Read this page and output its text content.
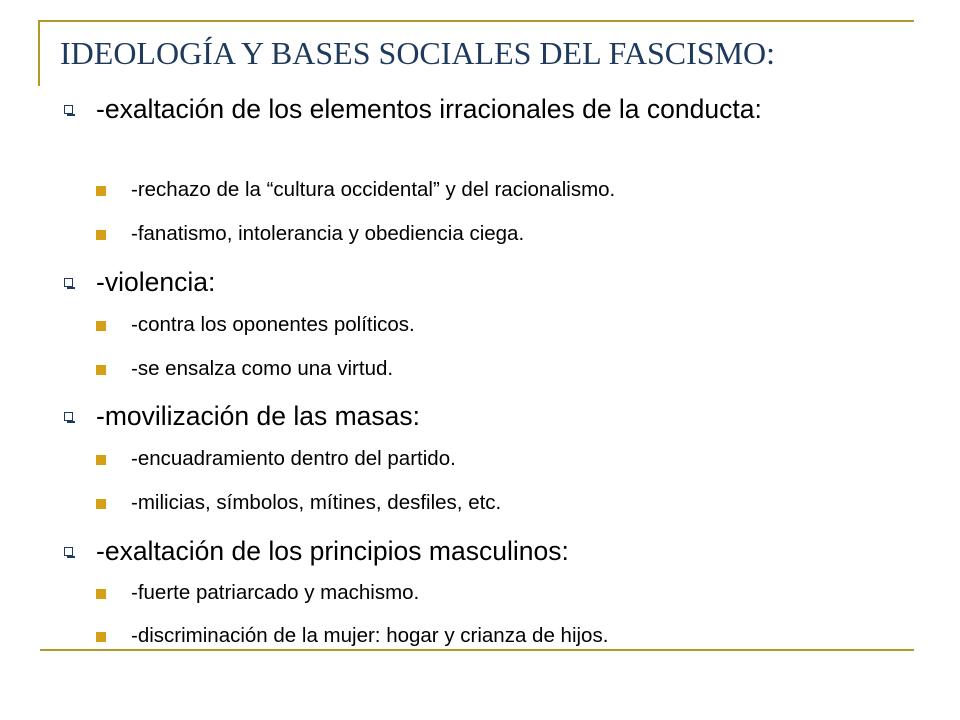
IDEOLOGÍA Y BASES SOCIALES DEL FASCISMO:
-exaltación de los elementos irracionales de la conducta:
-rechazo de la “cultura occidental” y del racionalismo.
-fanatismo, intolerancia y obediencia ciega.
-violencia:
-contra los oponentes políticos.
-se ensalza como una virtud.
-movilización de las masas:
-encuadramiento dentro del partido.
-milicias, símbolos, mítines, desfiles, etc.
-exaltación de los principios masculinos:
-fuerte patriarcado y machismo.
-discriminación de la mujer: hogar y crianza de hijos.
